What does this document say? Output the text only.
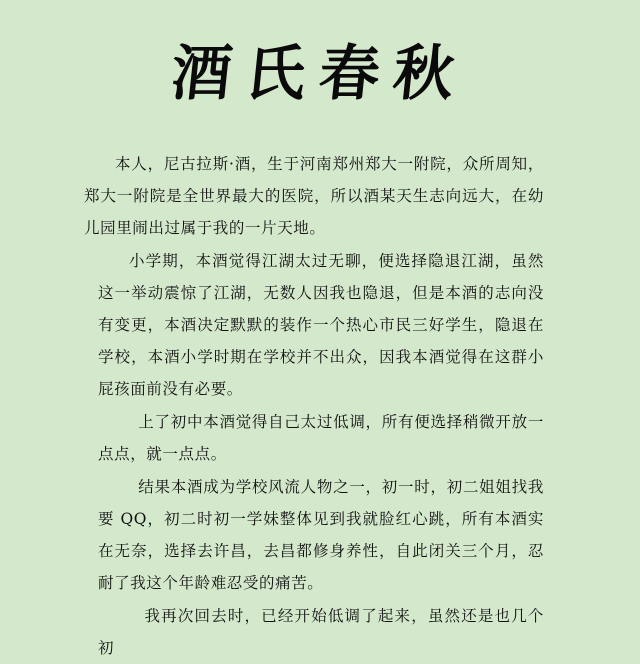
酒氏春秋

本人，尼古拉斯·酒，生于河南郑州郑大一附院，众所周知，郑大一附院是全世界最大的医院，所以酒某天生志向远大，在幼儿园里闹出过属于我的一片天地。

小学期，本酒觉得江湖太过无聊，便选择隐退江湖，虽然这一举动震惊了江湖，无数人因我也隐退，但是本酒的志向没有变更，本酒决定默默的装作一个热心市民三好学生，隐退在学校，本酒小学时期在学校并不出众，因我本酒觉得在这群小屁孩面前没有必要。

上了初中本酒觉得自己太过低调，所有便选择稍微开放一点点，就一点点。

结果本酒成为学校风流人物之一，初一时，初二姐姐找我要 QQ，初二时初一学妹整体见到我就脸红心跳，所有本酒实在无奈，选择去许昌，去昌都修身养性，自此闭关三个月，忍耐了我这个年龄难忍受的痛苦。

我再次回去时，已经开始低调了起来，虽然还是也几个初
